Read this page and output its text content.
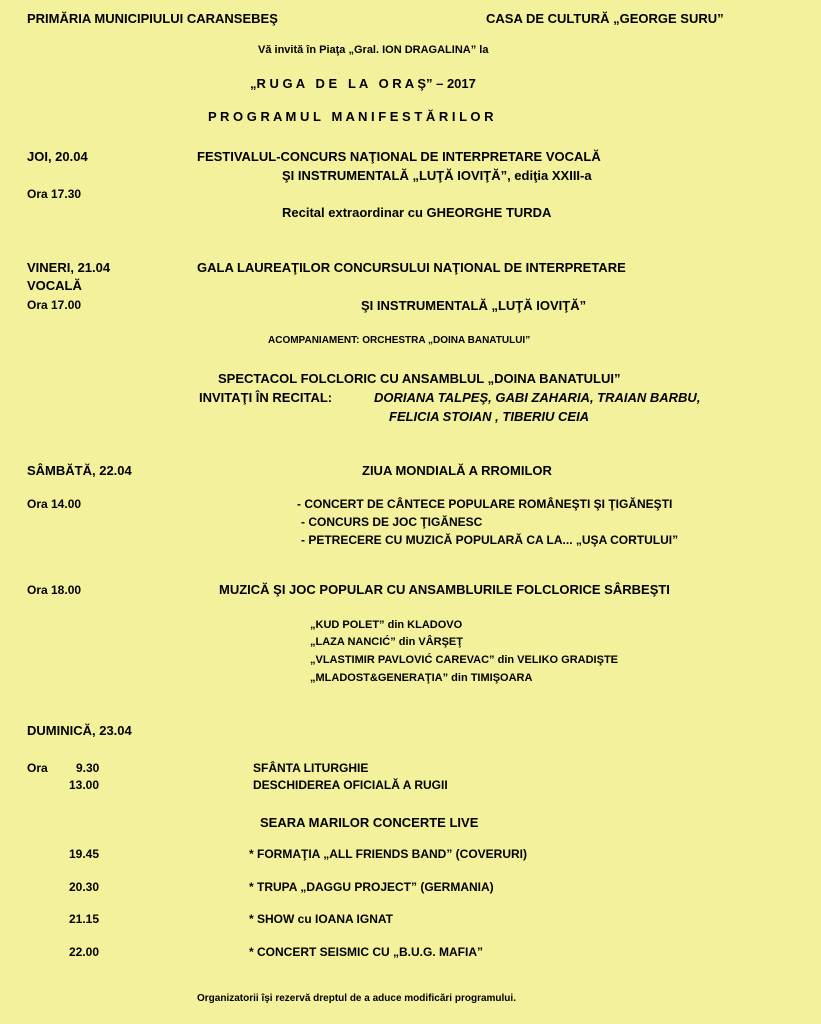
PRIMĂRIA MUNICIPIULUI CARANSEBEŞ	CASA DE CULTURĂ „GEORGE SURU”
Vă invită în Piaţa „Gral. ION DRAGALINA” la
„R U G A   D E   L A   O R A Ş” – 2017
P R O G R A M U L   M A N I F E S T Ă R I L O R
JOI, 20.04	FESTIVALUL-CONCURS NAŢIONAL DE INTERPRETARE VOCALĂ
ŞI INSTRUMENTALĂ „LUŢĂ IOVIŢĂ”, ediţia XXIII-a
Ora 17.30
Recital extraordinar cu GHEORGHE TURDA
VINERI, 21.04	GALA LAUREAŢILOR CONCURSULUI NAŢIONAL DE INTERPRETARE
VOCALĂ
Ora 17.00	ŞI INSTRUMENTALĂ „LUŢĂ IOVIŢĂ”
ACOMPANIAMENT: ORCHESTRA „DOINA BANATULUI”
SPECTACOL FOLCLORIC CU ANSAMBLUL „DOINA BANATULUI”
INVITAŢI ÎN RECITAL:	DORIANA TALPEŞ, GABI ZAHARIA, TRAIAN BARBU,
FELICIA STOIAN , TIBERIU CEIA
SÂMBĂTĂ, 22.04	ZIUA MONDIALĂ A RROMILOR
Ora 14.00	- CONCERT DE CÂNTECE POPULARE ROMÂNEŞTI ŞI ŢIGĂNEŞTI
- CONCURS DE JOC ŢIGĂNESC
- PETRECERE CU MUZICĂ POPULARĂ CA LA... „UŞA CORTULUI”
Ora 18.00	MUZICĂ ŞI JOC POPULAR CU ANSAMBLURILE FOLCLORICE SÂRBEŞTI
„KUD POLET” din KLADOVO
„LAZA NANCIĆ” din VÂRŞEŢ
„VLASTIMIR PAVLOVIĆ CAREVAC” din VELIKO GRADIŞTE
„MLADOST&GENERAŢIA” din TIMIŞOARA
DUMINICĂ, 23.04
Ora 9.30	SFÂNTA LITURGHIE
13.00	DESCHIDEREA OFICIALĂ A RUGII
SEARA MARILOR CONCERTE LIVE
19.45	* FORMAŢIA „ALL FRIENDS BAND” (COVERURI)
20.30	* TRUPA „DAGGU PROJECT” (GERMANIA)
21.15	* SHOW cu IOANA IGNAT
22.00	* CONCERT SEISMIC CU „B.U.G. MAFIA”
Organizatorii îşi rezervă dreptul de a aduce modificări programului.
